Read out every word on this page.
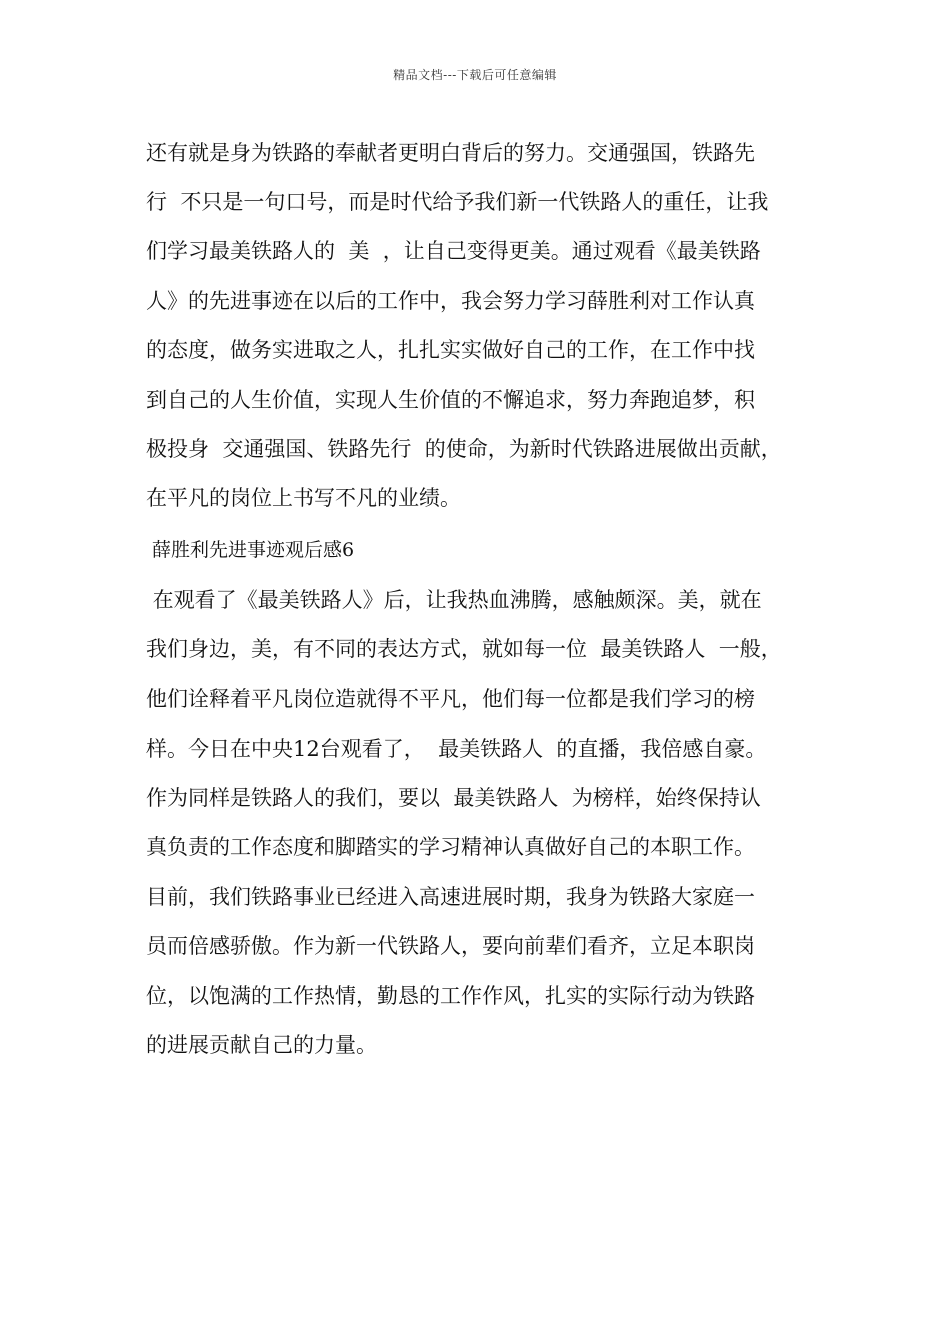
精品文档---下载后可任意编辑
还有就是身为铁路的奉献者更明白背后的努力。交通强国，铁路先
行  不只是一句口号，而是时代给予我们新一代铁路人的重任，让我
们学习最美铁路人的  美  ，让自己变得更美。通过观看《最美铁路
人》的先进事迹在以后的工作中，我会努力学习薛胜利对工作认真
的态度，做务实进取之人，扎扎实实做好自己的工作，在工作中找
到自己的人生价值，实现人生价值的不懈追求，努力奔跑追梦，积
极投身  交通强国、铁路先行  的使命，为新时代铁路进展做出贡献，
在平凡的岗位上书写不凡的业绩。
薛胜利先进事迹观后感6
在观看了《最美铁路人》后，让我热血沸腾，感触颇深。美，就在
我们身边，美，有不同的表达方式，就如每一位  最美铁路人  一般，
他们诠释着平凡岗位造就得不平凡，他们每一位都是我们学习的榜
样。今日在中央12台观看了，  最美铁路人  的直播，我倍感自豪。
作为同样是铁路人的我们，要以  最美铁路人  为榜样，始终保持认
真负责的工作态度和脚踏实的学习精神认真做好自己的本职工作。
目前，我们铁路事业已经进入高速进展时期，我身为铁路大家庭一
员而倍感骄傲。作为新一代铁路人，要向前辈们看齐，立足本职岗
位，以饱满的工作热情，勤恳的工作作风，扎实的实际行动为铁路
的进展贡献自己的力量。
